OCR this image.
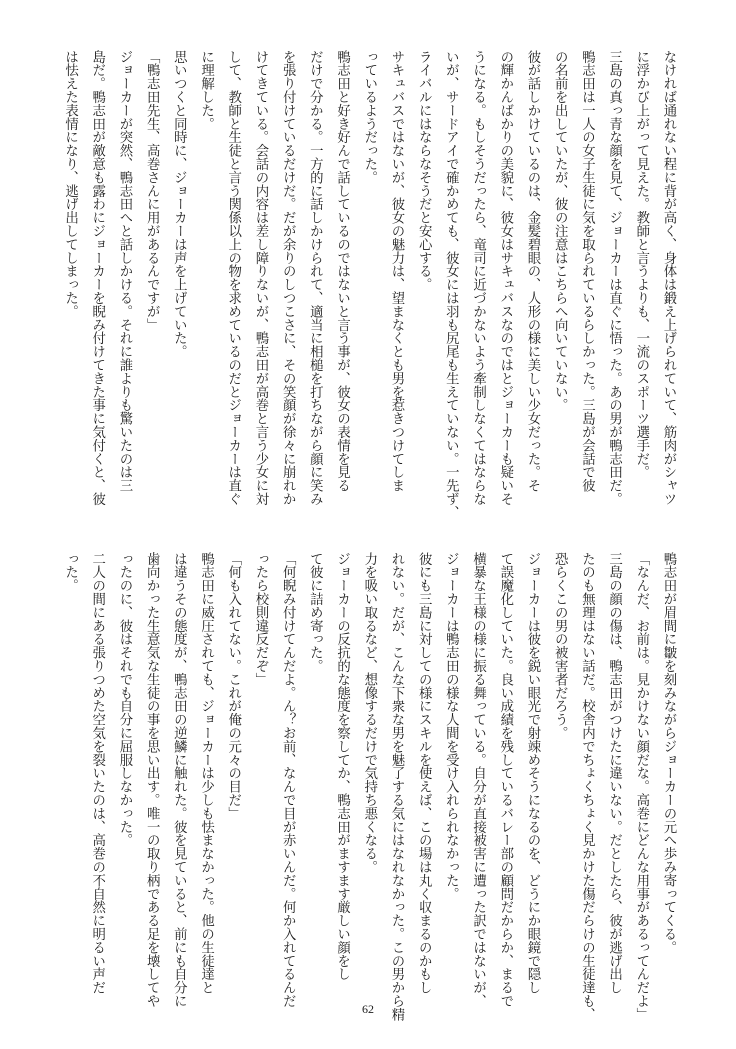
なければ通れない程に背が高く、身体は鍛え上げられていて、筋肉がシャツ

に浮かび上がって見えた。教師と言うよりも、一流のスポーツ選手だ。

三島の真っ青な顔を見て、ジョーカーは直ぐに悟った。あの男が鴨志田だ。

鴨志田は一人の女子生徒に気を取られているらしかった。三島が会話で彼

の名前を出していたが、彼の注意はこちらへ向いていない。

彼が話しかけているのは、金髪碧眼の、人形の様に美しい少女だった。そ

の輝かんばかりの美貌に、彼女はサキュバスなのではとジョーカーも疑いそ

うになる。もしそうだったら、竜司に近づかないよう牽制しなくてはならな

いが、サードアイで確かめても、彼女には羽も尻尾も生えていない。一先ず、

ライバルにはならなそうだと安心する。

サキュバスではないが、彼女の魅力は、望まなくとも男を惹きつけてしま

っているようだった。

鴨志田と好き好んで話しているのではないと言う事が、彼女の表情を見る

だけで分かる。一方的に話しかけられて、適当に相槌を打ちながら顔に笑み

を張り付けているだけだ。だが余りのしつこさに、その笑顔が徐々に崩れか

けてきている。会話の内容は差し障りないが、鴨志田が高巻と言う少女に対

して、教師と生徒と言う関係以上の物を求めているのだとジョーカーは直ぐ

に理解した。

思いつくと同時に、ジョーカーは声を上げていた。

「鴨志田先生、高巻さんに用があるんですが」

ジョーカーが突然、鴨志田へと話しかける。それに誰よりも驚いたのは三

島だ。鴨志田が敵意も露わにジョーカーを睨み付けてきた事に気付くと、彼

は怯えた表情になり、逃げ出してしまった。

鴨志田が眉間に皺を刻みながらジョーカーの元へ歩み寄ってくる。

「なんだ、お前は。見かけない顔だな。高巻にどんな用事があるってんだよ」

三島の顔の傷は、鴨志田がつけたに違いない。だとしたら、彼が逃げ出し

たのも無理はない話だ。校舎内でちょくちょく見かけた傷だらけの生徒達も、

恐らくこの男の被害者だろう。

ジョーカーは彼を鋭い眼光で射竦めそうになるのを、どうにか眼鏡で隠し

て誤魔化していた。良い成績を残しているバレー部の顧問だからか、まるで

横暴な王様の様に振る舞っている。自分が直接被害に遭った訳ではないが、

ジョーカーは鴨志田の様な人間を受け入れられなかった。

彼にも三島に対しての様にスキルを使えば、この場は丸く収まるのかもし

れない。だが、こんな下衆な男を魅了する気にはなれなかった。この男から精

力を吸い取るなど、想像するだけで気持ち悪くなる。

ジョーカーの反抗的な態度を察してか、鴨志田がますます厳しい顔をし

て彼に詰め寄った。

「何睨み付けてんだよ。ん？お前、なんで目が赤いんだ。何か入れてるんだ

ったら校則違反だぞ」

「何も入れてない。これが俺の元々の目だ」

鴨志田に威圧されても、ジョーカーは少しも怯まなかった。他の生徒達と

は違うその態度が、鴨志田の逆鱗に触れた。彼を見ていると、前にも自分に

歯向かった生意気な生徒の事を思い出す。唯一の取り柄である足を壊してや

ったのに、彼はそれでも自分に屈服しなかった。

二人の間にある張りつめた空気を裂いたのは、高巻の不自然に明るい声だ

った。

62
